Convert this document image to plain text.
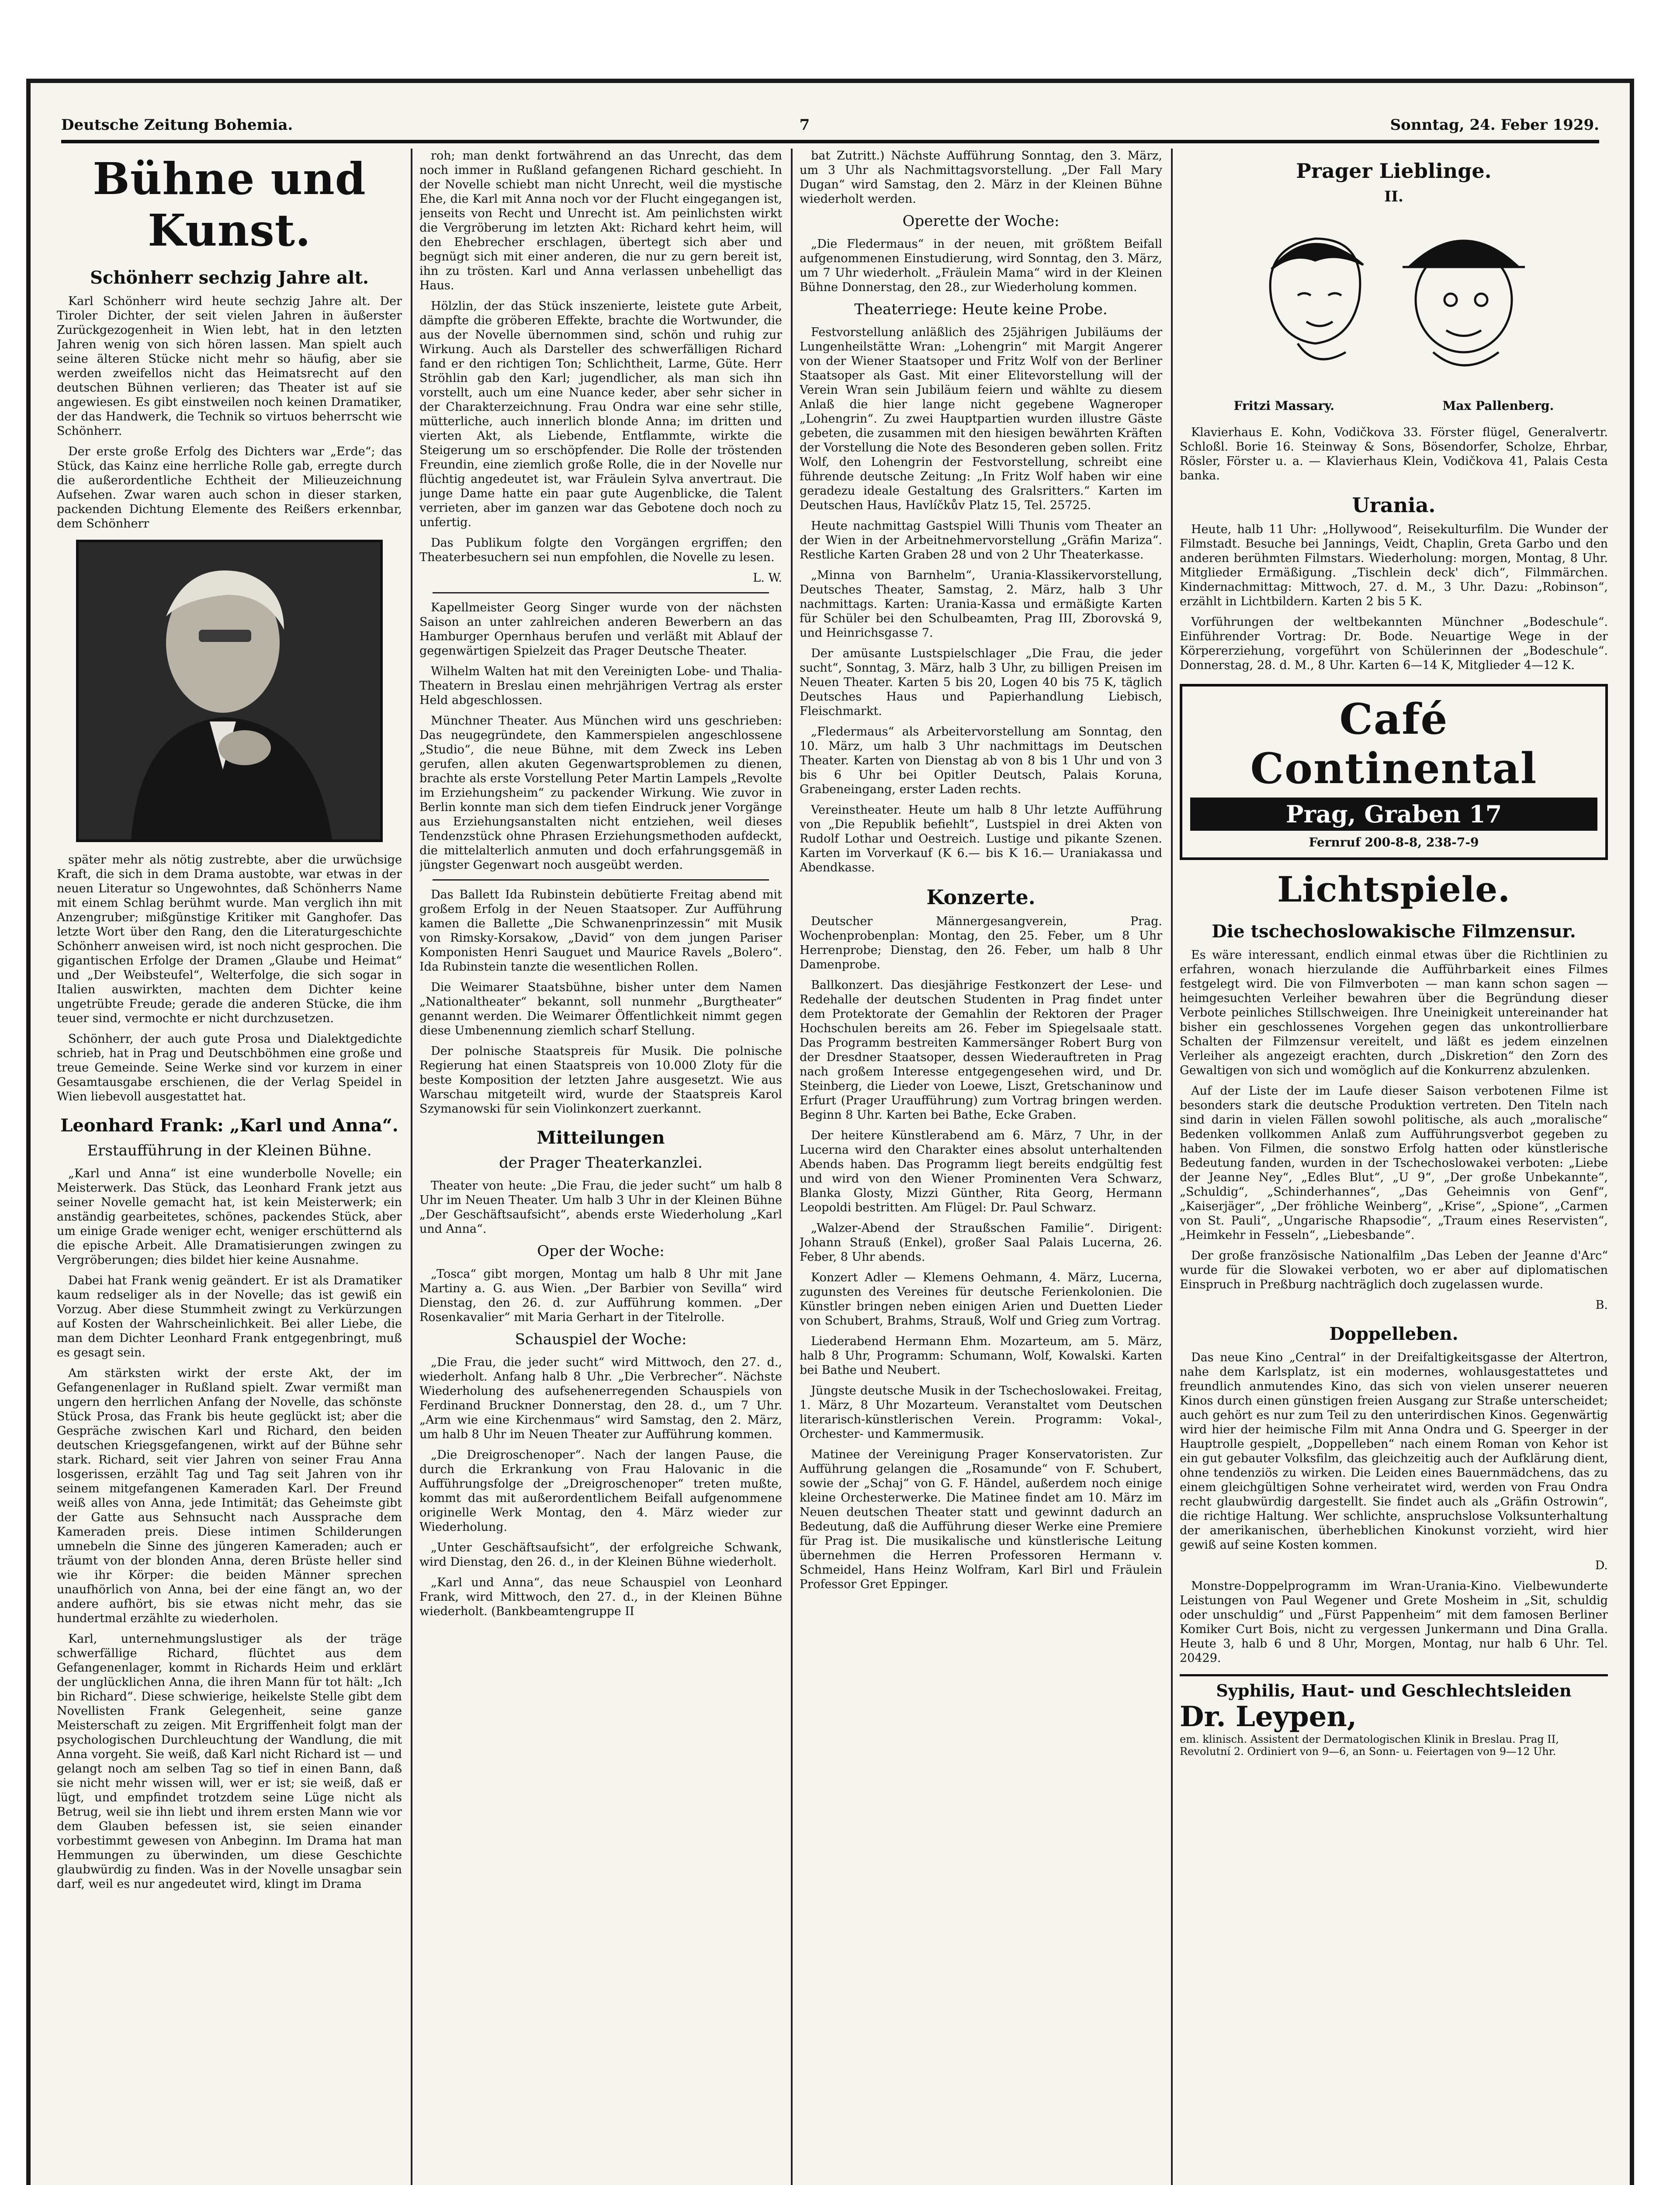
Deutsche Zeitung Bohemia.	7	Sonntag, 24. Feber 1929.
Bühne und Kunst.
Schönherr sechzig Jahre alt.

Karl Schönherr wird heute sechzig Jahre alt. Der Tiroler Dichter, der seit vielen Jahren in äußerster Zurückgezogenheit in Wien lebt, hat in den letzten Jahren wenig von sich hören lassen. Man spielt auch seine älteren Stücke nicht mehr so häufig, aber sie werden zweifellos nicht das Heimatsrecht auf den deutschen Bühnen verlieren; das Theater ist auf sie angewiesen. Es gibt einstweilen noch keinen Dramatiker, der das Handwerk, die Technik so virtuos beherrscht wie Schönherr.

Der erste große Erfolg des Dichters war „Erde“; das Stück, das Kainz eine herrliche Rolle gab, erregte durch die außerordentliche Echtheit der Milieuzeichnung Aufsehen. Zwar waren auch schon in dieser starken, packenden Dichtung Elemente des Reißers erkennbar, dem Schönherr

später mehr als nötig zustrebte, aber die urwüchsige Kraft, die sich in dem Drama austobte, war etwas in der neuen Literatur so Ungewohntes, daß Schönherrs Name mit einem Schlag berühmt wurde. Man verglich ihn mit Anzengruber; mißgünstige Kritiker mit Ganghofer. Das letzte Wort über den Rang, den die Literaturgeschichte Schönherr anweisen wird, ist noch nicht gesprochen. Die gigantischen Erfolge der Dramen „Glaube und Heimat“ und „Der Weibsteufel“, Welterfolge, die sich sogar in Italien auswirkten, machten dem Dichter keine ungetrübte Freude; gerade die anderen Stücke, die ihm teuer sind, vermochte er nicht durchzusetzen.

Schönherr, der auch gute Prosa und Dialektgedichte schrieb, hat in Prag und Deutschböhmen eine große und treue Gemeinde. Seine Werke sind vor kurzem in einer Gesamtausgabe erschienen, die der Verlag Speidel in Wien liebevoll ausgestattet hat.

Leonhard Frank: „Karl und Anna“.
Erstaufführung in der Kleinen Bühne.

„Karl und Anna“ ist eine wunderbolle Novelle; ein Meisterwerk. Das Stück, das Leonhard Frank jetzt aus seiner Novelle gemacht hat, ist kein Meisterwerk; ein anständig gearbeitetes, schönes, packendes Stück, aber um einige Grade weniger echt, weniger erschütternd als die epische Arbeit. Alle Dramatisierungen zwingen zu Vergröberungen; dies bildet hier keine Ausnahme.

Dabei hat Frank wenig geändert. Er ist als Dramatiker kaum redseliger als in der Novelle; das ist gewiß ein Vorzug. Aber diese Stummheit zwingt zu Verkürzungen auf Kosten der Wahrscheinlichkeit. Bei aller Liebe, die man dem Dichter Leonhard Frank entgegenbringt, muß es gesagt sein.

Am stärksten wirkt der erste Akt, der im Gefangenenlager in Rußland spielt. Zwar vermißt man ungern den herrlichen Anfang der Novelle, das schönste Stück Prosa, das Frank bis heute geglückt ist; aber die Gespräche zwischen Karl und Richard, den beiden deutschen Kriegsgefangenen, wirkt auf der Bühne sehr stark. Richard, seit vier Jahren von seiner Frau Anna losgerissen, erzählt Tag und Tag seit Jahren von ihr seinem mitgefangenen Kameraden Karl. Der Freund weiß alles von Anna, jede Intimität; das Geheimste gibt der Gatte aus Sehnsucht nach Aussprache dem Kameraden preis. Diese intimen Schilderungen umnebeln die Sinne des jüngeren Kameraden; auch er träumt von der blonden Anna, deren Brüste heller sind wie ihr Körper: die beiden Männer sprechen unaufhörlich von Anna, bei der eine fängt an, wo der andere aufhört, bis sie etwas nicht mehr, das sie hundertmal erzählte zu wiederholen.

Karl, unternehmungslustiger als der träge schwerfällige Richard, flüchtet aus dem Gefangenenlager, kommt in Richards Heim und erklärt der unglücklichen Anna, die ihren Mann für tot hält: „Ich bin Richard“. Diese schwierige, heikelste Stelle gibt dem Novellisten Frank Gelegenheit, seine ganze Meisterschaft zu zeigen. Mit Ergriffenheit folgt man der psychologischen Durchleuchtung der Wandlung, die mit Anna vorgeht. Sie weiß, daß Karl nicht Richard ist — und gelangt noch am selben Tag so tief in einen Bann, daß sie nicht mehr wissen will, wer er ist; sie weiß, daß er lügt, und empfindet trotzdem seine Lüge nicht als Betrug, weil sie ihn liebt und ihrem ersten Mann wie vor dem Glauben befessen ist, sie seien einander vorbestimmt gewesen von Anbeginn. Im Drama hat man Hemmungen zu überwinden, um diese Geschichte glaubwürdig zu finden. Was in der Novelle unsagbar sein darf, weil es nur angedeutet wird, klingt im Drama

roh; man denkt fortwährend an das Unrecht, das dem noch immer in Rußland gefangenen Richard geschieht. In der Novelle schiebt man nicht Unrecht, weil die mystische Ehe, die Karl mit Anna noch vor der Flucht eingegangen ist, jenseits von Recht und Unrecht ist. Am peinlichsten wirkt die Vergröberung im letzten Akt: Richard kehrt heim, will den Ehebrecher erschlagen, übertegt sich aber und begnügt sich mit einer anderen, die nur zu gern bereit ist, ihn zu trösten. Karl und Anna verlassen unbehelligt das Haus.

Hölzlin, der das Stück inszenierte, leistete gute Arbeit, dämpfte die gröberen Effekte, brachte die Wortwunder, die aus der Novelle übernommen sind, schön und ruhig zur Wirkung. Auch als Darsteller des schwerfälligen Richard fand er den richtigen Ton; Schlichtheit, Larme, Güte. Herr Ströhlin gab den Karl; jugendlicher, als man sich ihn vorstellt, auch um eine Nuance keder, aber sehr sicher in der Charakterzeichnung. Frau Ondra war eine sehr stille, mütterliche, auch innerlich blonde Anna; im dritten und vierten Akt, als Liebende, Entflammte, wirkte die Steigerung um so erschöpfender. Die Rolle der tröstenden Freundin, eine ziemlich große Rolle, die in der Novelle nur flüchtig angedeutet ist, war Fräulein Sylva anvertraut. Die junge Dame hatte ein paar gute Augenblicke, die Talent verrieten, aber im ganzen war das Gebotene doch noch zu unfertig.

Das Publikum folgte den Vorgängen ergriffen; den Theaterbesuchern sei nun empfohlen, die Novelle zu lesen.

L. W.

Kapellmeister Georg Singer wurde von der nächsten Saison an unter zahlreichen anderen Bewerbern an das Hamburger Opernhaus berufen und verläßt mit Ablauf der gegenwärtigen Spielzeit das Prager Deutsche Theater.

Wilhelm Walten hat mit den Vereinigten Lobe- und Thalia-Theatern in Breslau einen mehrjährigen Vertrag als erster Held abgeschlossen.

Münchner Theater. Aus München wird uns geschrieben: Das neugegründete, den Kammerspielen angeschlossene „Studio“, die neue Bühne, mit dem Zweck ins Leben gerufen, allen akuten Gegenwartsproblemen zu dienen, brachte als erste Vorstellung Peter Martin Lampels „Revolte im Erziehungsheim“ zu packender Wirkung. Wie zuvor in Berlin konnte man sich dem tiefen Eindruck jener Vorgänge aus Erziehungsanstalten nicht entziehen, weil dieses Tendenzstück ohne Phrasen Erziehungsmethoden aufdeckt, die mittelalterlich anmuten und doch erfahrungsgemäß in jüngster Gegenwart noch ausgeübt werden.

Das Ballett Ida Rubinstein debütierte Freitag abend mit großem Erfolg in der Neuen Staatsoper. Zur Aufführung kamen die Ballette „Die Schwanenprinzessin“ mit Musik von Rimsky-Korsakow, „David“ von dem jungen Pariser Komponisten Henri Sauguet und Maurice Ravels „Bolero“. Ida Rubinstein tanzte die wesentlichen Rollen.

Die Weimarer Staatsbühne, bisher unter dem Namen „Nationaltheater“ bekannt, soll nunmehr „Burgtheater“ genannt werden. Die Weimarer Öffentlichkeit nimmt gegen diese Umbenennung ziemlich scharf Stellung.

Der polnische Staatspreis für Musik. Die polnische Regierung hat einen Staatspreis von 10.000 Zloty für die beste Komposition der letzten Jahre ausgesetzt. Wie aus Warschau mitgeteilt wird, wurde der Staatspreis Karol Szymanowski für sein Violinkonzert zuerkannt.

Mitteilungen
der Prager Theaterkanzlei.

Theater von heute: „Die Frau, die jeder sucht“ um halb 8 Uhr im Neuen Theater. Um halb 3 Uhr in der Kleinen Bühne „Der Geschäftsaufsicht“, abends erste Wiederholung „Karl und Anna“.

Oper der Woche:

„Tosca“ gibt morgen, Montag um halb 8 Uhr mit Jane Martiny a. G. aus Wien. „Der Barbier von Sevilla“ wird Dienstag, den 26. d. zur Aufführung kommen. „Der Rosenkavalier“ mit Maria Gerhart in der Titelrolle.

Schauspiel der Woche:

„Die Frau, die jeder sucht“ wird Mittwoch, den 27. d., wiederholt. Anfang halb 8 Uhr. „Die Verbrecher“. Nächste Wiederholung des aufsehenerregenden Schauspiels von Ferdinand Bruckner Donnerstag, den 28. d., um 7 Uhr. „Arm wie eine Kirchenmaus“ wird Samstag, den 2. März, um halb 8 Uhr im Neuen Theater zur Aufführung kommen.

„Die Dreigroschenoper“. Nach der langen Pause, die durch die Erkrankung von Frau Halovanic in die Aufführungsfolge der „Dreigroschenoper“ treten mußte, kommt das mit außerordentlichem Beifall aufgenommene originelle Werk Montag, den 4. März wieder zur Wiederholung.

„Unter Geschäftsaufsicht“, der erfolgreiche Schwank, wird Dienstag, den 26. d., in der Kleinen Bühne wiederholt.

„Karl und Anna“, das neue Schauspiel von Leonhard Frank, wird Mittwoch, den 27. d., in der Kleinen Bühne wiederholt. (Bankbeamtengruppe II

bat Zutritt.) Nächste Aufführung Sonntag, den 3. März, um 3 Uhr als Nachmittagsvorstellung. „Der Fall Mary Dugan“ wird Samstag, den 2. März in der Kleinen Bühne wiederholt werden.

Operette der Woche:

„Die Fledermaus“ in der neuen, mit größtem Beifall aufgenommenen Einstudierung, wird Sonntag, den 3. März, um 7 Uhr wiederholt. „Fräulein Mama“ wird in der Kleinen Bühne Donnerstag, den 28., zur Wiederholung kommen.

Theaterriege: Heute keine Probe.

Festvorstellung anläßlich des 25jährigen Jubiläums der Lungenheilstätte Wran: „Lohengrin“ mit Margit Angerer von der Wiener Staatsoper und Fritz Wolf von der Berliner Staatsoper als Gast. Mit einer Elitevorstellung will der Verein Wran sein Jubiläum feiern und wählte zu diesem Anlaß die hier lange nicht gegebene Wagneroper „Lohengrin“. Zu zwei Hauptpartien wurden illustre Gäste gebeten, die zusammen mit den hiesigen bewährten Kräften der Vorstellung die Note des Besonderen geben sollen. Fritz Wolf, den Lohengrin der Festvorstellung, schreibt eine führende deutsche Zeitung: „In Fritz Wolf haben wir eine geradezu ideale Gestaltung des Gralsritters.“ Karten im Deutschen Haus, Havlíčkův Platz 15, Tel. 25725.

Heute nachmittag Gastspiel Willi Thunis vom Theater an der Wien in der Arbeitnehmervorstellung „Gräfin Mariza“. Restliche Karten Graben 28 und von 2 Uhr Theaterkasse.

„Minna von Barnhelm“, Urania-Klassikervorstellung, Deutsches Theater, Samstag, 2. März, halb 3 Uhr nachmittags. Karten: Urania-Kassa und ermäßigte Karten für Schüler bei den Schulbeamten, Prag III, Zborovská 9, und Heinrichsgasse 7.

Der amüsante Lustspielschlager „Die Frau, die jeder sucht“, Sonntag, 3. März, halb 3 Uhr, zu billigen Preisen im Neuen Theater. Karten 5 bis 20, Logen 40 bis 75 K, täglich Deutsches Haus und Papierhandlung Liebisch, Fleischmarkt.

„Fledermaus“ als Arbeitervorstellung am Sonntag, den 10. März, um halb 3 Uhr nachmittags im Deutschen Theater. Karten von Dienstag ab von 8 bis 1 Uhr und von 3 bis 6 Uhr bei Opitler Deutsch, Palais Koruna, Grabeneingang, erster Laden rechts.

Vereinstheater. Heute um halb 8 Uhr letzte Aufführung von „Die Republik befiehlt“, Lustspiel in drei Akten von Rudolf Lothar und Oestreich. Lustige und pikante Szenen. Karten im Vorverkauf (K 6.— bis K 16.— Uraniakassa und Abendkasse.

Konzerte.

Deutscher Männergesangverein, Prag. Wochenprobenplan: Montag, den 25. Feber, um 8 Uhr Herrenprobe; Dienstag, den 26. Feber, um halb 8 Uhr Damenprobe.

Ballkonzert. Das diesjährige Festkonzert der Lese- und Redehalle der deutschen Studenten in Prag findet unter dem Protektorate der Gemahlin der Rektoren der Prager Hochschulen bereits am 26. Feber im Spiegelsaale statt. Das Programm bestreiten Kammersänger Robert Burg von der Dresdner Staatsoper, dessen Wiederauftreten in Prag nach großem Interesse entgegengesehen wird, und Dr. Steinberg, die Lieder von Loewe, Liszt, Gretschaninow und Erfurt (Prager Uraufführung) zum Vortrag bringen werden. Beginn 8 Uhr. Karten bei Bathe, Ecke Graben.

Der heitere Künstlerabend am 6. März, 7 Uhr, in der Lucerna wird den Charakter eines absolut unterhaltenden Abends haben. Das Programm liegt bereits endgültig fest und wird von den Wiener Prominenten Vera Schwarz, Blanka Glosty, Mizzi Günther, Rita Georg, Hermann Leopoldi bestritten. Am Flügel: Dr. Paul Schwarz.

„Walzer-Abend der Straußschen Familie“. Dirigent: Johann Strauß (Enkel), großer Saal Palais Lucerna, 26. Feber, 8 Uhr abends.

Konzert Adler — Klemens Oehmann, 4. März, Lucerna, zugunsten des Vereines für deutsche Ferienkolonien. Die Künstler bringen neben einigen Arien und Duetten Lieder von Schubert, Brahms, Strauß, Wolf und Grieg zum Vortrag.

Liederabend Hermann Ehm. Mozarteum, am 5. März, halb 8 Uhr, Programm: Schumann, Wolf, Kowalski. Karten bei Bathe und Neubert.

Jüngste deutsche Musik in der Tschechoslowakei. Freitag, 1. März, 8 Uhr Mozarteum. Veranstaltet vom Deutschen literarisch-künstlerischen Verein. Programm: Vokal-, Orchester- und Kammermusik.

Matinee der Vereinigung Prager Konservatoristen. Zur Aufführung gelangen die „Rosamunde“ von F. Schubert, sowie der „Schaj“ von G. F. Händel, außerdem noch einige kleine Orchesterwerke. Die Matinee findet am 10. März im Neuen deutschen Theater statt und gewinnt dadurch an Bedeutung, daß die Aufführung dieser Werke eine Premiere für Prag ist. Die musikalische und künstlerische Leitung übernehmen die Herren Professoren Hermann v. Schmeidel, Hans Heinz Wolfram, Karl Birl und Fräulein Professor Gret Eppinger.

Prager Lieblinge.
II.
Fritzi Massary.	Max Pallenberg.

Klavierhaus E. Kohn, Vodičkova 33. Förster flügel, Generalvertr. Schloßl. Borie 16. Steinway & Sons, Bösendorfer, Scholze, Ehrbar, Rösler, Förster u. a. — Klavierhaus Klein, Vodičkova 41, Palais Cesta banka.

Urania.

Heute, halb 11 Uhr: „Hollywood“, Reisekulturfilm. Die Wunder der Filmstadt. Besuche bei Jannings, Veidt, Chaplin, Greta Garbo und den anderen berühmten Filmstars. Wiederholung: morgen, Montag, 8 Uhr. Mitglieder Ermäßigung. „Tischlein deck' dich“, Filmmärchen. Kindernachmittag: Mittwoch, 27. d. M., 3 Uhr. Dazu: „Robinson“, erzählt in Lichtbildern. Karten 2 bis 5 K.

Vorführungen der weltbekannten Münchner „Bodeschule“. Einführender Vortrag: Dr. Bode. Neuartige Wege in der Körpererziehung, vorgeführt von Schülerinnen der „Bodeschule“. Donnerstag, 28. d. M., 8 Uhr. Karten 6—14 K, Mitglieder 4—12 K.

Café Continental
Prag, Graben 17
Fernruf 200-8-8, 238-7-9
Lichtspiele.
Die tschechoslowakische Filmzensur.

Es wäre interessant, endlich einmal etwas über die Richtlinien zu erfahren, wonach hierzulande die Aufführbarkeit eines Filmes festgelegt wird. Die von Filmverboten — man kann schon sagen — heimgesuchten Verleiher bewahren über die Begründung dieser Verbote peinliches Stillschweigen. Ihre Uneinigkeit untereinander hat bisher ein geschlossenes Vorgehen gegen das unkontrollierbare Schalten der Filmzensur vereitelt, und läßt es jedem einzelnen Verleiher als angezeigt erachten, durch „Diskretion“ den Zorn des Gewaltigen von sich und womöglich auf die Konkurrenz abzulenken.

Auf der Liste der im Laufe dieser Saison verbotenen Filme ist besonders stark die deutsche Produktion vertreten. Den Titeln nach sind darin in vielen Fällen sowohl politische, als auch „moralische“ Bedenken vollkommen Anlaß zum Aufführungsverbot gegeben zu haben. Von Filmen, die sonstwo Erfolg hatten oder künstlerische Bedeutung fanden, wurden in der Tschechoslowakei verboten: „Liebe der Jeanne Ney“, „Edles Blut“, „U 9“, „Der große Unbekannte“, „Schuldig“, „Schinderhannes“, „Das Geheimnis von Genf“, „Kaiserjäger“, „Der fröhliche Weinberg“, „Krise“, „Spione“, „Carmen von St. Pauli“, „Ungarische Rhapsodie“, „Traum eines Reservisten“, „Heimkehr in Fesseln“, „Liebesbande“.

Der große französische Nationalfilm „Das Leben der Jeanne d'Arc“ wurde für die Slowakei verboten, wo er aber auf diplomatischen Einspruch in Preßburg nachträglich doch zugelassen wurde.

B.

Doppelleben.

Das neue Kino „Central“ in der Dreifaltigkeitsgasse der Altertron, nahe dem Karlsplatz, ist ein modernes, wohlausgestattetes und freundlich anmutendes Kino, das sich von vielen unserer neueren Kinos durch einen günstigen freien Ausgang zur Straße unterscheidet; auch gehört es nur zum Teil zu den unterirdischen Kinos. Gegenwärtig wird hier der heimische Film mit Anna Ondra und G. Speerger in der Hauptrolle gespielt, „Doppelleben“ nach einem Roman von Kehor ist ein gut gebauter Volksfilm, das gleichzeitig auch der Aufklärung dient, ohne tendenziös zu wirken. Die Leiden eines Bauernmädchens, das zu einem gleichgültigen Sohne verheiratet wird, werden von Frau Ondra recht glaubwürdig dargestellt. Sie findet auch als „Gräfin Ostrowin“, die richtige Haltung. Wer schlichte, anspruchslose Volksunterhaltung der amerikanischen, überheblichen Kinokunst vorzieht, wird hier gewiß auf seine Kosten kommen.

D.

Monstre-Doppelprogramm im Wran-Urania-Kino. Vielbewunderte Leistungen von Paul Wegener und Grete Mosheim in „Sit, schuldig oder unschuldig“ und „Fürst Pappenheim“ mit dem famosen Berliner Komiker Curt Bois, nicht zu vergessen Junkermann und Dina Gralla. Heute 3, halb 6 und 8 Uhr, Morgen, Montag, nur halb 6 Uhr. Tel. 20429.

Syphilis, Haut- und Geschlechtsleiden
Dr. Leypen,
em. klinisch. Assistent der Dermatologischen Klinik in Breslau. Prag II, Revolutní 2. Ordiniert von 9—6, an Sonn- u. Feiertagen von 9—12 Uhr.
